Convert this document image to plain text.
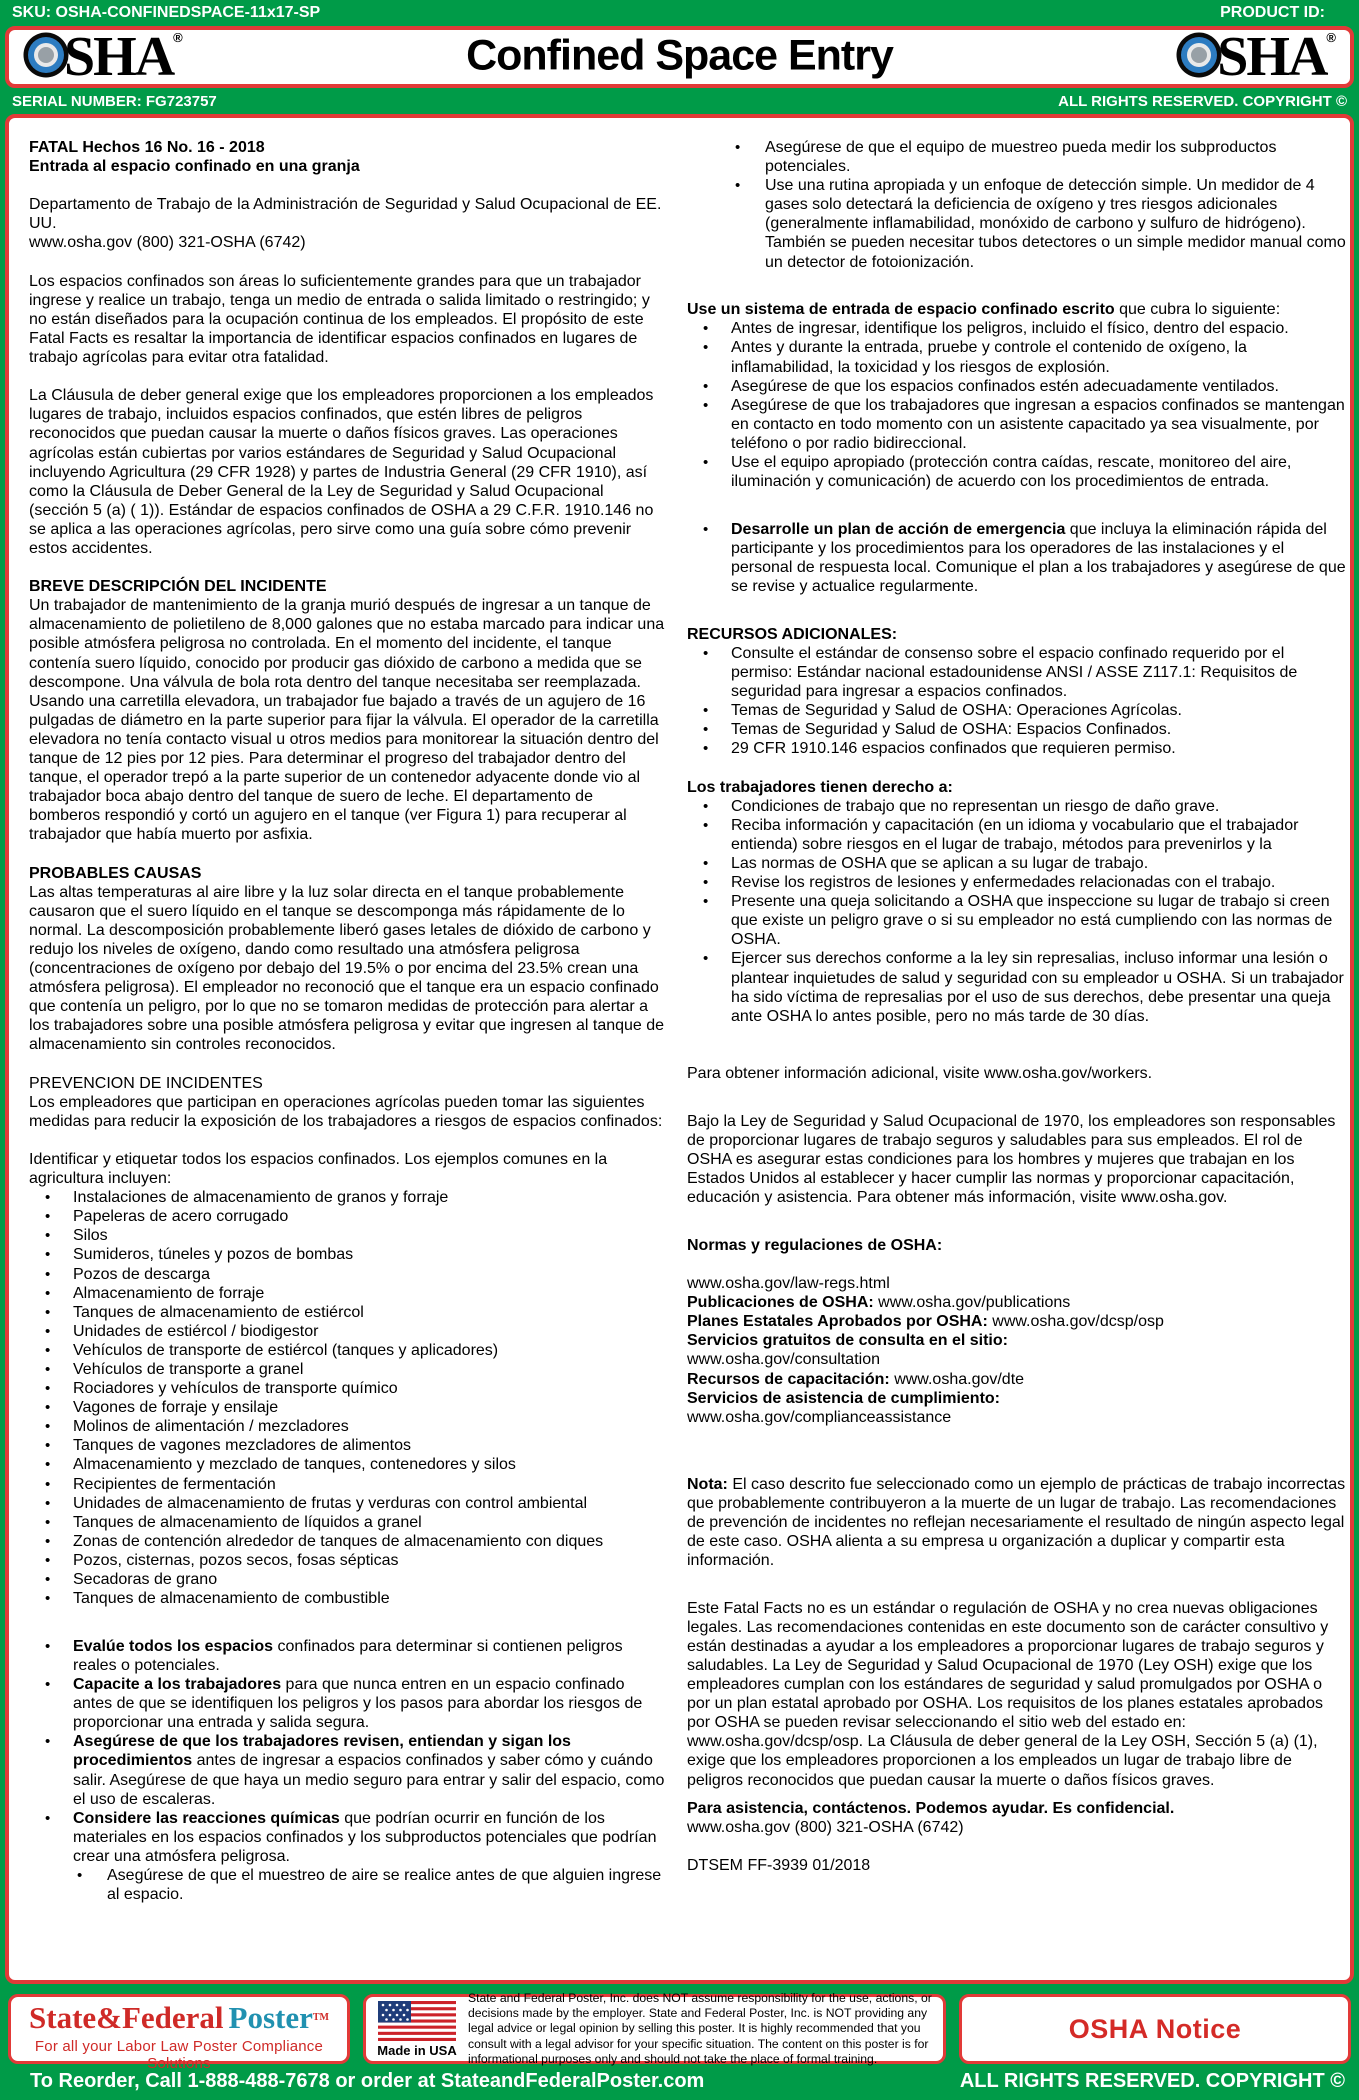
SKU: OSHA-CONFINEDSPACE-11x17-SP	PRODUCT ID:
SHA ®	Confined Space Entry	SHA ®
SERIAL NUMBER: FG723757	ALL RIGHTS RESERVED. COPYRIGHT ©
FATAL Hechos 16 No. 16 - 2018
Entrada al espacio confinado en una granja
Departamento de Trabajo de la Administración de Seguridad y Salud Ocupacional de EE. UU.
www.osha.gov (800) 321-OSHA (6742)
Los espacios confinados son áreas lo suficientemente grandes para que un trabajador ingrese y realice un trabajo, tenga un medio de entrada o salida limitado o restringido; y no están diseñados para la ocupación continua de los empleados. El propósito de este Fatal Facts es resaltar la importancia de identificar espacios confinados en lugares de trabajo agrícolas para evitar otra fatalidad.
La Cláusula de deber general exige que los empleadores proporcionen a los empleados lugares de trabajo, incluidos espacios confinados, que estén libres de peligros reconocidos que puedan causar la muerte o daños físicos graves. Las operaciones agrícolas están cubiertas por varios estándares de Seguridad y Salud Ocupacional incluyendo Agricultura (29 CFR 1928) y partes de Industria General (29 CFR 1910), así como la Cláusula de Deber General de la Ley de Seguridad y Salud Ocupacional (sección 5 (a) ( 1)). Estándar de espacios confinados de OSHA a 29 C.F.R. 1910.146 no se aplica a las operaciones agrícolas, pero sirve como una guía sobre cómo prevenir estos accidentes.
BREVE DESCRIPCIÓN DEL INCIDENTE
Un trabajador de mantenimiento de la granja murió después de ingresar a un tanque de almacenamiento de polietileno de 8,000 galones que no estaba marcado para indicar una posible atmósfera peligrosa no controlada. En el momento del incidente, el tanque contenía suero líquido, conocido por producir gas dióxido de carbono a medida que se descompone. Una válvula de bola rota dentro del tanque necesitaba ser reemplazada. Usando una carretilla elevadora, un trabajador fue bajado a través de un agujero de 16 pulgadas de diámetro en la parte superior para fijar la válvula. El operador de la carretilla elevadora no tenía contacto visual u otros medios para monitorear la situación dentro del tanque de 12 pies por 12 pies. Para determinar el progreso del trabajador dentro del tanque, el operador trepó a la parte superior de un contenedor adyacente donde vio al trabajador boca abajo dentro del tanque de suero de leche. El departamento de bomberos respondió y cortó un agujero en el tanque (ver Figura 1) para recuperar al trabajador que había muerto por asfixia.
PROBABLES CAUSAS
Las altas temperaturas al aire libre y la luz solar directa en el tanque probablemente causaron que el suero líquido en el tanque se descomponga más rápidamente de lo normal. La descomposición probablemente liberó gases letales de dióxido de carbono y redujo los niveles de oxígeno, dando como resultado una atmósfera peligrosa (concentraciones de oxígeno por debajo del 19.5% o por encima del 23.5% crean una atmósfera peligrosa). El empleador no reconoció que el tanque era un espacio confinado que contenía un peligro, por lo que no se tomaron medidas de protección para alertar a los trabajadores sobre una posible atmósfera peligrosa y evitar que ingresen al tanque de almacenamiento sin controles reconocidos.
PREVENCION DE INCIDENTES
Los empleadores que participan en operaciones agrícolas pueden tomar las siguientes medidas para reducir la exposición de los trabajadores a riesgos de espacios confinados:
Identificar y etiquetar todos los espacios confinados. Los ejemplos comunes en la agricultura incluyen:
• Instalaciones de almacenamiento de granos y forraje
• Papeleras de acero corrugado
• Silos
• Sumideros, túneles y pozos de bombas
• Pozos de descarga
• Almacenamiento de forraje
• Tanques de almacenamiento de estiércol
• Unidades de estiércol / biodigestor
• Vehículos de transporte de estiércol (tanques y aplicadores)
• Vehículos de transporte a granel
• Rociadores y vehículos de transporte químico
• Vagones de forraje y ensilaje
• Molinos de alimentación / mezcladores
• Tanques de vagones mezcladores de alimentos
• Almacenamiento y mezclado de tanques, contenedores y silos
• Recipientes de fermentación
• Unidades de almacenamiento de frutas y verduras con control ambiental
• Tanques de almacenamiento de líquidos a granel
• Zonas de contención alrededor de tanques de almacenamiento con diques
• Pozos, cisternas, pozos secos, fosas sépticas
• Secadoras de grano
• Tanques de almacenamiento de combustible
• Evalúe todos los espacios confinados para determinar si contienen peligros reales o potenciales.
• Capacite a los trabajadores para que nunca entren en un espacio confinado antes de que se identifiquen los peligros y los pasos para abordar los riesgos de proporcionar una entrada y salida segura.
• Asegúrese de que los trabajadores revisen, entiendan y sigan los procedimientos antes de ingresar a espacios confinados y saber cómo y cuándo salir. Asegúrese de que haya un medio seguro para entrar y salir del espacio, como el uso de escaleras.
• Considere las reacciones químicas que podrían ocurrir en función de los materiales en los espacios confinados y los subproductos potenciales que podrían crear una atmósfera peligrosa.
• Asegúrese de que el muestreo de aire se realice antes de que alguien ingrese al espacio.
• Asegúrese de que el equipo de muestreo pueda medir los subproductos potenciales.
• Use una rutina apropiada y un enfoque de detección simple. Un medidor de 4 gases solo detectará la deficiencia de oxígeno y tres riesgos adicionales (generalmente inflamabilidad, monóxido de carbono y sulfuro de hidrógeno). También se pueden necesitar tubos detectores o un simple medidor manual como un detector de fotoionización.
Use un sistema de entrada de espacio confinado escrito que cubra lo siguiente:
• Antes de ingresar, identifique los peligros, incluido el físico, dentro del espacio.
• Antes y durante la entrada, pruebe y controle el contenido de oxígeno, la inflamabilidad, la toxicidad y los riesgos de explosión.
• Asegúrese de que los espacios confinados estén adecuadamente ventilados.
• Asegúrese de que los trabajadores que ingresan a espacios confinados se mantengan en contacto en todo momento con un asistente capacitado ya sea visualmente, por teléfono o por radio bidireccional.
• Use el equipo apropiado (protección contra caídas, rescate, monitoreo del aire, iluminación y comunicación) de acuerdo con los procedimientos de entrada.
• Desarrolle un plan de acción de emergencia que incluya la eliminación rápida del participante y los procedimientos para los operadores de las instalaciones y el personal de respuesta local. Comunique el plan a los trabajadores y asegúrese de que se revise y actualice regularmente.
RECURSOS ADICIONALES:
• Consulte el estándar de consenso sobre el espacio confinado requerido por el permiso: Estándar nacional estadounidense ANSI / ASSE Z117.1: Requisitos de seguridad para ingresar a espacios confinados.
• Temas de Seguridad y Salud de OSHA: Operaciones Agrícolas.
• Temas de Seguridad y Salud de OSHA: Espacios Confinados.
• 29 CFR 1910.146 espacios confinados que requieren permiso.
Los trabajadores tienen derecho a:
• Condiciones de trabajo que no representan un riesgo de daño grave.
• Reciba información y capacitación (en un idioma y vocabulario que el trabajador entienda) sobre riesgos en el lugar de trabajo, métodos para prevenirlos y la
• Las normas de OSHA que se aplican a su lugar de trabajo.
• Revise los registros de lesiones y enfermedades relacionadas con el trabajo.
• Presente una queja solicitando a OSHA que inspeccione su lugar de trabajo si creen que existe un peligro grave o si su empleador no está cumpliendo con las normas de OSHA.
• Ejercer sus derechos conforme a la ley sin represalias, incluso informar una lesión o plantear inquietudes de salud y seguridad con su empleador u OSHA. Si un trabajador ha sido víctima de represalias por el uso de sus derechos, debe presentar una queja ante OSHA lo antes posible, pero no más tarde de 30 días.
Para obtener información adicional, visite www.osha.gov/workers.
Bajo la Ley de Seguridad y Salud Ocupacional de 1970, los empleadores son responsables de proporcionar lugares de trabajo seguros y saludables para sus empleados. El rol de OSHA es asegurar estas condiciones para los hombres y mujeres que trabajan en los Estados Unidos al establecer y hacer cumplir las normas y proporcionar capacitación, educación y asistencia. Para obtener más información, visite www.osha.gov.
Normas y regulaciones de OSHA:
www.osha.gov/law-regs.html
Publicaciones de OSHA: www.osha.gov/publications
Planes Estatales Aprobados por OSHA: www.osha.gov/dcsp/osp
Servicios gratuitos de consulta en el sitio:
www.osha.gov/consultation
Recursos de capacitación: www.osha.gov/dte
Servicios de asistencia de cumplimiento:
www.osha.gov/complianceassistance
Nota: El caso descrito fue seleccionado como un ejemplo de prácticas de trabajo incorrectas que probablemente contribuyeron a la muerte de un lugar de trabajo. Las recomendaciones de prevención de incidentes no reflejan necesariamente el resultado de ningún aspecto legal de este caso. OSHA alienta a su empresa u organización a duplicar y compartir esta información.
Este Fatal Facts no es un estándar o regulación de OSHA y no crea nuevas obligaciones legales. Las recomendaciones contenidas en este documento son de carácter consultivo y están destinadas a ayudar a los empleadores a proporcionar lugares de trabajo seguros y saludables. La Ley de Seguridad y Salud Ocupacional de 1970 (Ley OSH) exige que los empleadores cumplan con los estándares de seguridad y salud promulgados por OSHA o por un plan estatal aprobado por OSHA. Los requisitos de los planes estatales aprobados por OSHA se pueden revisar seleccionando el sitio web del estado en: www.osha.gov/dcsp/osp. La Cláusula de deber general de la Ley OSH, Sección 5 (a) (1), exige que los empleadores proporcionen a los empleados un lugar de trabajo libre de peligros reconocidos que puedan causar la muerte o daños físicos graves.
Para asistencia, contáctenos. Podemos ayudar. Es confidencial.
www.osha.gov (800) 321-OSHA (6742)
DTSEM FF-3939 01/2018
State&Federal Poster™
For all your Labor Law Poster Compliance Solutions
Made in USA
State and Federal Poster, Inc. does NOT assume responsibility for the use, actions, or decisions made by the employer. State and Federal Poster, Inc. is NOT providing any legal advice or legal opinion by selling this poster. It is highly recommended that you consult with a legal advisor for your specific situation. The content on this poster is for informational purposes only and should not take the place of formal training.
OSHA Notice
To Reorder, Call 1-888-488-7678 or order at StateandFederalPoster.com	ALL RIGHTS RESERVED. COPYRIGHT ©
